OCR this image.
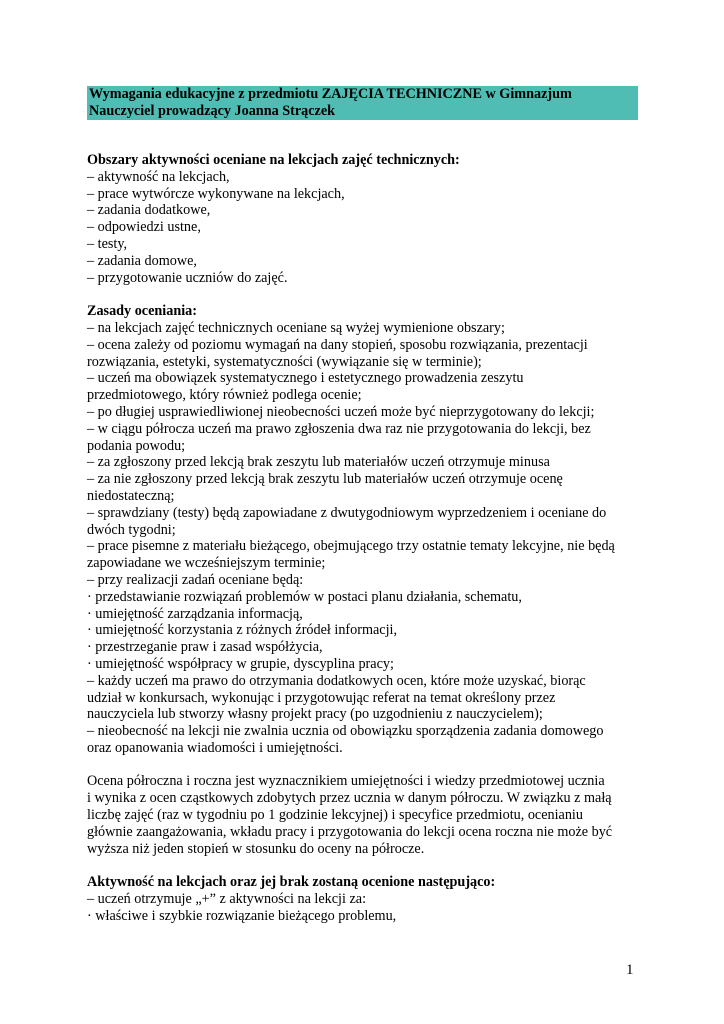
Wymagania edukacyjne z przedmiotu ZAJĘCIA TECHNICZNE w Gimnazjum
Nauczyciel prowadzący Joanna Strączek
Obszary aktywności oceniane na lekcjach zajęć technicznych:
– aktywność na lekcjach,
– prace wytwórcze wykonywane na lekcjach,
– zadania dodatkowe,
– odpowiedzi ustne,
– testy,
– zadania domowe,
– przygotowanie uczniów do zajęć.
Zasady oceniania:
– na lekcjach zajęć technicznych oceniane są wyżej wymienione obszary;
– ocena zależy od poziomu wymagań na dany stopień, sposobu rozwiązania, prezentacji
rozwiązania, estetyki, systematyczności (wywiązanie się w terminie);
– uczeń ma obowiązek systematycznego i estetycznego prowadzenia zeszytu
przedmiotowego, który również podlega ocenie;
– po długiej usprawiedliwionej nieobecności uczeń może być nieprzygotowany do lekcji;
– w ciągu półrocza uczeń ma prawo zgłoszenia dwa raz nie przygotowania do lekcji, bez
podania powodu;
– za zgłoszony przed lekcją brak zeszytu lub materiałów uczeń otrzymuje minusa
– za nie zgłoszony przed lekcją brak zeszytu lub materiałów uczeń otrzymuje ocenę
niedostateczną;
– sprawdziany (testy) będą zapowiadane z dwutygodniowym wyprzedzeniem i oceniane do
dwóch tygodni;
– prace pisemne z materiału bieżącego, obejmującego trzy ostatnie tematy lekcyjne, nie będą
zapowiadane we wcześniejszym terminie;
– przy realizacji zadań oceniane będą:
· przedstawianie rozwiązań problemów w postaci planu działania, schematu,
· umiejętność zarządzania informacją,
· umiejętność korzystania z różnych źródeł informacji,
· przestrzeganie praw i zasad współżycia,
· umiejętność współpracy w grupie, dyscyplina pracy;
– każdy uczeń ma prawo do otrzymania dodatkowych ocen, które może uzyskać, biorąc
udział w konkursach, wykonując i przygotowując referat na temat określony przez
nauczyciela lub stworzy własny projekt pracy (po uzgodnieniu z nauczycielem);
– nieobecność na lekcji nie zwalnia ucznia od obowiązku sporządzenia zadania domowego
oraz opanowania wiadomości i umiejętności.
Ocena półroczna i roczna jest wyznacznikiem umiejętności i wiedzy przedmiotowej ucznia
i wynika z ocen cząstkowych zdobytych przez ucznia w danym półroczu. W związku z małą
liczbę zajęć (raz w tygodniu po 1 godzinie lekcyjnej) i specyfice przedmiotu, ocenianiu
głównie zaangażowania, wkładu pracy i przygotowania do lekcji ocena roczna nie może być
wyższa niż jeden stopień w stosunku do oceny na półrocze.
Aktywność na lekcjach oraz jej brak zostaną ocenione następująco:
– uczeń otrzymuje „+” z aktywności na lekcji za:
· właściwe i szybkie rozwiązanie bieżącego problemu,
1
